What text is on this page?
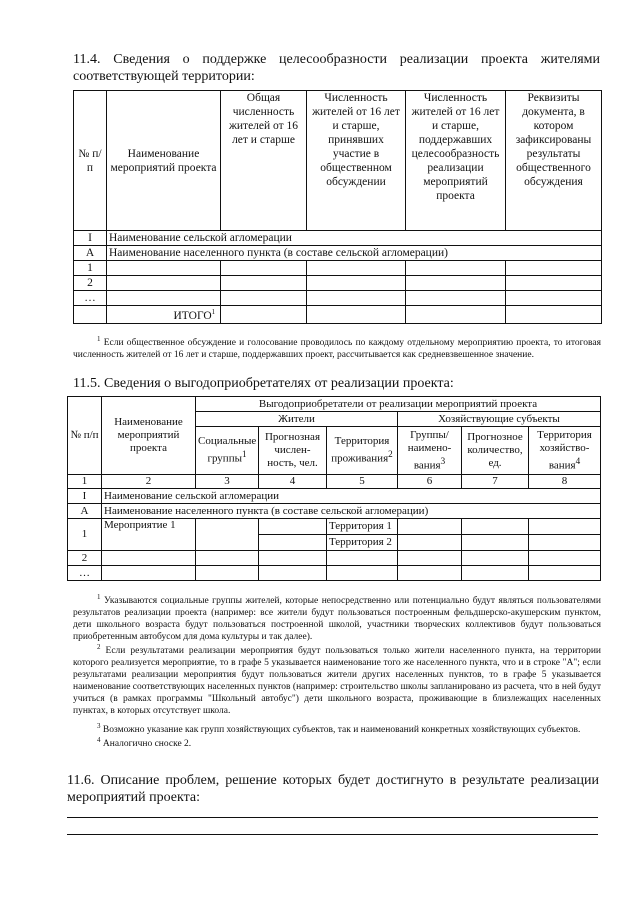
11.4. Сведения о поддержке целесообразности реализации проекта жителями
соответствующей территории:
№ п/п	Наименование мероприятий проекта	Общая численность жителей от 16 лет и старше	Численность жителей от 16 лет и старше, принявших участие в общественном обсуждении	Численность жителей от 16 лет и старше, поддержавших целесообразность реализации мероприятий проекта	Реквизиты документа, в котором зафиксированы результаты общественного обсуждения
I	Наименование сельской агломерации				
А	Наименование населенного пункта (в составе сельской агломерации)				
1					
2					
…					
	ИТОГО$^1$				
$^1$ Если общественное обсуждение и голосование проводилось по каждому отдельному мероприятию проекта, то итоговая численность жителей от 16 лет и старше, поддержавших проект, рассчитывается как средневзвешенное значение.
11.5. Сведения о выгодоприобретателях от реализации проекта:
№ п/п	Наименование мероприятий проекта	Выгодоприобретатели от реализации мероприятий проекта					
		Жители			Хозяйствующие субъекты		
		Социальные группы$^1$	Прогнозная числен-ность, чел.	Территория проживания$^2$	Группы/ наимено-вания$^3$	Прогнозное количество, ед.	Территория хозяйство-вания$^4$
1	2	3	4	5	6	7	8
I	Наименование сельской агломерации						
А	Наименование населенного пункта (в составе сельской агломерации)						
1	Мероприятие 1			Территория 1			
				Территория 2			
2							
…							
$^1$ Указываются социальные группы жителей, которые непосредственно или потенциально будут являться пользователями результатов реализации проекта (например: все жители будут пользоваться построенным фельдшерско-акушерским пунктом, дети школьного возраста будут пользоваться построенной школой, участники творческих коллективов будут пользоваться приобретенным автобусом для дома культуры и так далее).
$^2$ Если результатами реализации мероприятия будут пользоваться только жители населенного пункта, на территории которого реализуется мероприятие, то в графе 5 указывается наименование того же населенного пункта, что и в строке "А"; если результатами реализации мероприятия будут пользоваться жители других населенных пунктов, то в графе 5 указывается наименование соответствующих населенных пунктов (например: строительство школы запланировано из расчета, что в ней будут учиться (в рамках программы "Школьный автобус") дети школьного возраста, проживающие в близлежащих населенных пунктах, в которых отсутствует школа.
$^3$ Возможно указание как групп хозяйствующих субъектов, так и наименований конкретных хозяйствующих субъектов.
$^4$ Аналогично сноске 2.
11.6. Описание проблем, решение которых будет достигнуто в результате реализации
мероприятий проекта:
